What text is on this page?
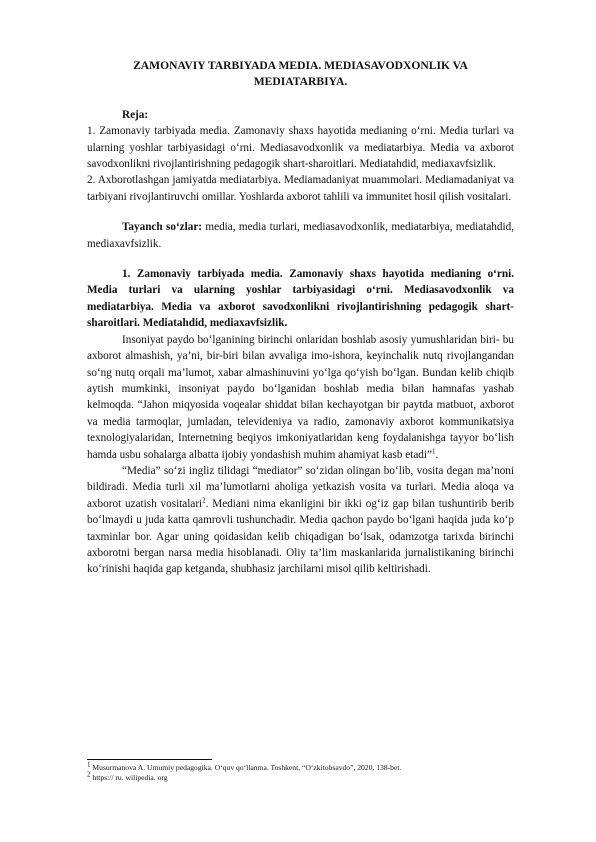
ZAMONAVIY TARBIYADA MEDIA. MEDIASAVODXONLIK VA MEDIATARBIYA.

Reja:

1. Zamonaviy tarbiyada media. Zamonaviy shaxs hayotida medianing o‘rni. Media turlari va ularning yoshlar tarbiyasidagi o‘rni. Mediasavodxonlik va mediatarbiya. Media va axborot savodxonlikni rivojlantirishning pedagogik shart-sharoitlari. Mediatahdid, mediaxavfsizlik.

2. Axborotlashgan jamiyatda mediatarbiya. Mediamadaniyat muammolari. Mediamadaniyat va tarbiyani rivojlantiruvchi omillar. Yoshlarda axborot tahlili va immunitet hosil qilish vositalari.

Tayanch so‘zlar: media, media turlari, mediasavodxonlik, mediatarbiya, mediatahdid, mediaxavfsizlik.

1. Zamonaviy tarbiyada media. Zamonaviy shaxs hayotida medianing o‘rni. Media turlari va ularning yoshlar tarbiyasidagi o‘rni. Mediasavodxonlik va mediatarbiya. Media va axborot savodxonlikni rivojlantirishning pedagogik shart-sharoitlari. Mediatahdid, mediaxavfsizlik.

Insoniyat paydo bo‘lganining birinchi onlaridan boshlab asosiy yumushlaridan biri- bu axborot almashish, ya’ni, bir-biri bilan avvaliga imo-ishora, keyinchalik nutq rivojlangandan so‘ng nutq orqali ma’lumot, xabar almashinuvini yo‘lga qo‘yish bo‘lgan. Bundan kelib chiqib aytish mumkinki, insoniyat paydo bo‘lganidan boshlab media bilan hamnafas yashab kelmoqda. “Jahon miqyosida voqealar shiddat bilan kechayotgan bir paytda matbuot, axborot va media tarmoqlar, jumladan, televideniya va radio, zamonaviy axborot kommunikatsiya texnologiyalaridan, Internetning beqiyos imkoniyatlaridan keng foydalanishga tayyor bo‘lish hamda usbu sohalarga albatta ijobiy yondashish muhim ahamiyat kasb etadi”$^1$.

“Media” so‘zi ingliz tilidagi “mediator” so‘zidan olingan bo‘lib, vosita degan ma’noni bildiradi. Media turli xil ma’lumotlarni aholiga yetkazish vosita va turlari. Media aloqa va axborot uzatish vositalari$^2$. Mediani nima ekanligini bir ikki og‘iz gap bilan tushuntirib berib bo‘lmaydi u juda katta qamrovli tushunchadir. Media qachon paydo bo‘lgani haqida juda ko‘p taxminlar bor. Agar uning qoidasidan kelib chiqadigan bo‘lsak, odamzotga tarixda birinchi axborotni bergan narsa media hisoblanadi. Oliy ta’lim maskanlarida jurnalistikaning birinchi ko‘rinishi haqida gap ketganda, shubhasiz jarchilarni misol qilib keltirishadi.

$^1$ Musurmanova A. Umumiy pedagogika. O‘quv qo‘llanma. Toshkent, “O‘zkitobsavdo”, 2020, 138-bet.

$^2$ https:// ru. wilipedia. org
